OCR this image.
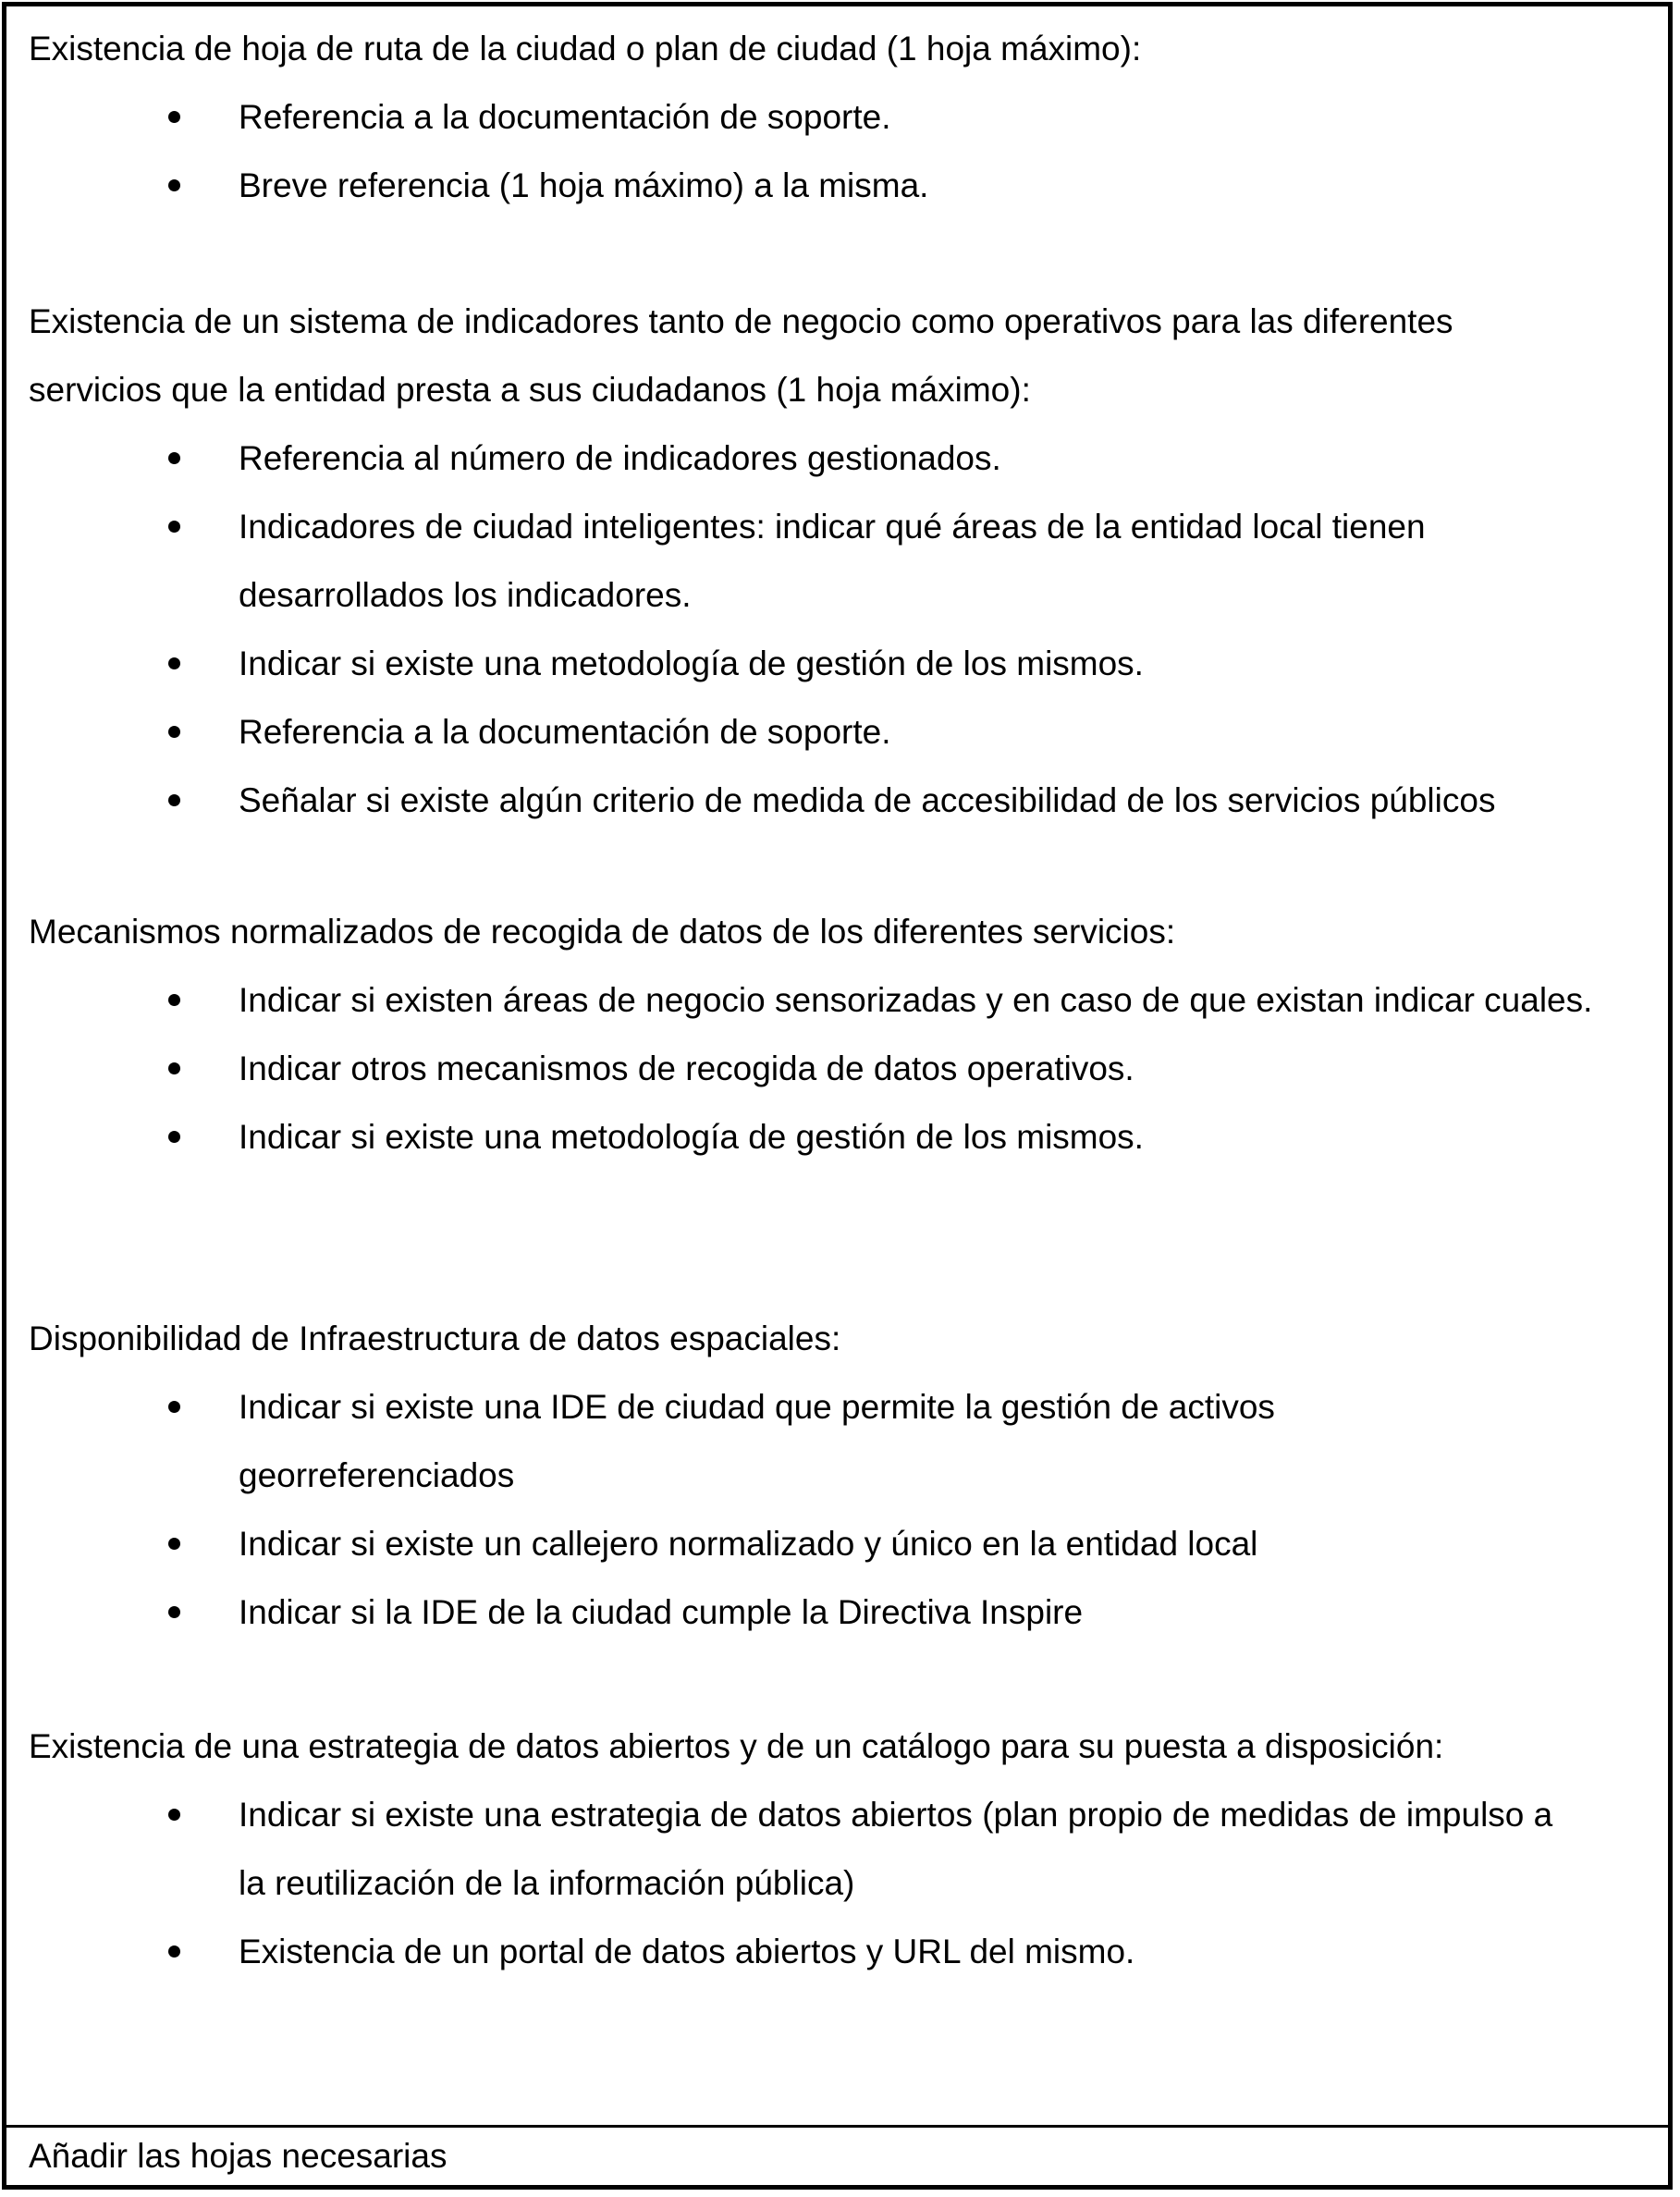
Existencia de hoja de ruta de la ciudad o plan de ciudad (1 hoja máximo):

Referencia a la documentación de soporte.
Breve referencia (1 hoja máximo) a la misma.

Existencia de un sistema de indicadores tanto de negocio como operativos para las diferentes

servicios que la entidad presta a sus ciudadanos (1 hoja máximo):

Referencia al número de indicadores gestionados.
Indicadores de ciudad inteligentes: indicar qué áreas de la entidad local tienen desarrollados los indicadores.
Indicar si existe una metodología de gestión de los mismos.
Referencia a la documentación de soporte.
Señalar si existe algún criterio de medida de accesibilidad de los servicios públicos

Mecanismos normalizados de recogida de datos de los diferentes servicios:

Indicar si existen áreas de negocio sensorizadas y en caso de que existan indicar cuales.
Indicar otros mecanismos de recogida de datos operativos.
Indicar si existe una metodología de gestión de los mismos.

Disponibilidad de Infraestructura de datos espaciales:

Indicar si existe una IDE de ciudad que permite la gestión de activos georreferenciados
Indicar si existe un callejero normalizado y único en la entidad local
Indicar si la IDE de la ciudad cumple la Directiva Inspire

Existencia de una estrategia de datos abiertos y de un catálogo para su puesta a disposición:

Indicar si existe una estrategia de datos abiertos (plan propio de medidas de impulso a la reutilización de la información pública)
Existencia de un portal de datos abiertos y URL del mismo.

Añadir las hojas necesarias
